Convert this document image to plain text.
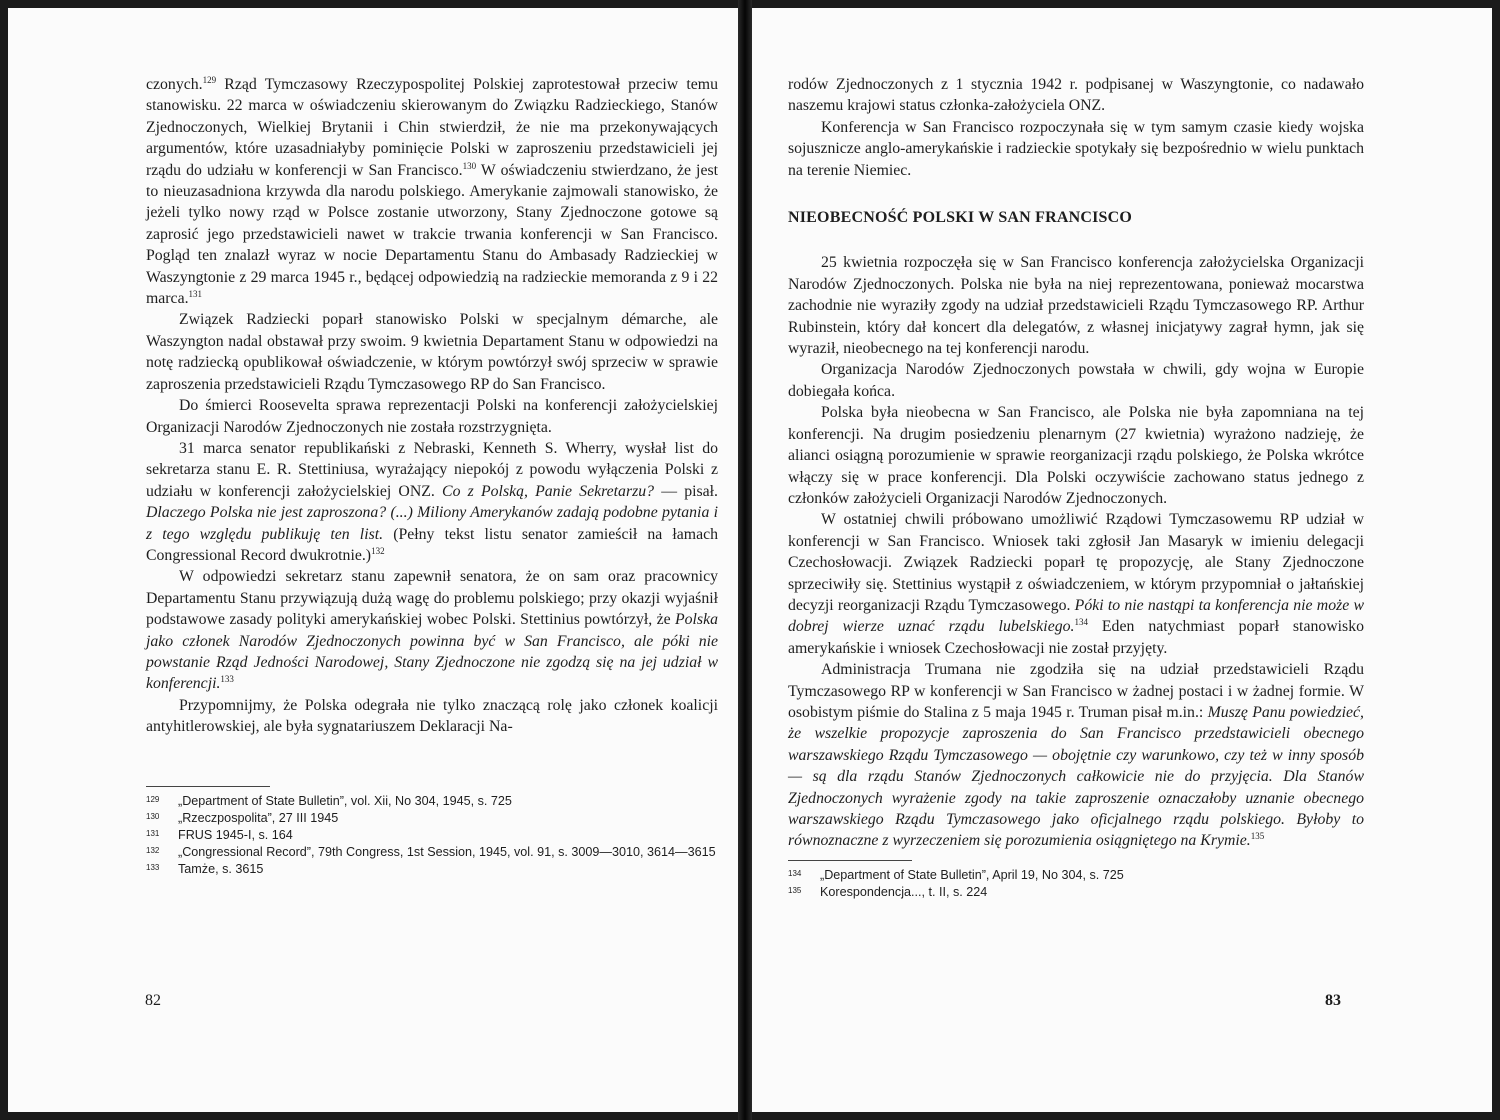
czonych.$^{129}$ Rząd Tymczasowy Rzeczypospolitej Polskiej zaprotestował przeciw temu stanowisku. 22 marca w oświadczeniu skierowanym do Związku Radzieckiego, Stanów Zjednoczonych, Wielkiej Brytanii i Chin stwierdził, że nie ma przekonywających argumentów, które uzasadniałyby pominięcie Polski w zaproszeniu przedstawicieli jej rządu do udziału w konferencji w San Francisco.$^{130}$ W oświadczeniu stwierdzano, że jest to nieuzasadniona krzywda dla narodu polskiego. Amerykanie zajmowali stanowisko, że jeżeli tylko nowy rząd w Polsce zostanie utworzony, Stany Zjednoczone gotowe są zaprosić jego przedstawicieli nawet w trakcie trwania konferencji w San Francisco. Pogląd ten znalazł wyraz w nocie Departamentu Stanu do Ambasady Radzieckiej w Waszyngtonie z 29 marca 1945 r., będącej odpowiedzią na radzieckie memoranda z 9 i 22 marca.$^{131}$

Związek Radziecki poparł stanowisko Polski w specjalnym démarche, ale Waszyngton nadal obstawał przy swoim. 9 kwietnia Departament Stanu w odpowiedzi na notę radziecką opublikował oświadczenie, w którym powtórzył swój sprzeciw w sprawie zaproszenia przedstawicieli Rządu Tymczasowego RP do San Francisco.

Do śmierci Roosevelta sprawa reprezentacji Polski na konferencji założycielskiej Organizacji Narodów Zjednoczonych nie została rozstrzygnięta.

31 marca senator republikański z Nebraski, Kenneth S. Wherry, wysłał list do sekretarza stanu E. R. Stettiniusa, wyrażający niepokój z powodu wyłączenia Polski z udziału w konferencji założycielskiej ONZ. Co z Polską, Panie Sekretarzu? — pisał. Dlaczego Polska nie jest zaproszona? (...) Miliony Amerykanów zadają podobne pytania i z tego względu publikuję ten list. (Pełny tekst listu senator zamieścił na łamach Congressional Record dwukrotnie.)$^{132}$

W odpowiedzi sekretarz stanu zapewnił senatora, że on sam oraz pracownicy Departamentu Stanu przywiązują dużą wagę do problemu polskiego; przy okazji wyjaśnił podstawowe zasady polityki amerykańskiej wobec Polski. Stettinius powtórzył, że Polska jako członek Narodów Zjednoczonych powinna być w San Francisco, ale póki nie powstanie Rząd Jedności Narodowej, Stany Zjednoczone nie zgodzą się na jej udział w konferencji.$^{133}$

Przypomnijmy, że Polska odegrała nie tylko znaczącą rolę jako członek koalicji antyhitlerowskiej, ale była sygnatariuszem Deklaracji Na-

129	„Department of State Bulletin”, vol. Xii, No 304, 1945, s. 725
130	„Rzeczpospolita”, 27 III 1945
131	FRUS 1945-I, s. 164
132	„Congressional Record”, 79th Congress, 1st Session, 1945, vol. 91, s. 3009—3010, 3614—3615
133	Tamże, s. 3615
82

rodów Zjednoczonych z 1 stycznia 1942 r. podpisanej w Waszyngtonie, co nadawało naszemu krajowi status członka-założyciela ONZ.

Konferencja w San Francisco rozpoczynała się w tym samym czasie kiedy wojska sojusznicze anglo-amerykańskie i radzieckie spotykały się bezpośrednio w wielu punktach na terenie Niemiec.

NIEOBECNOŚĆ POLSKI W SAN FRANCISCO

25 kwietnia rozpoczęła się w San Francisco konferencja założycielska Organizacji Narodów Zjednoczonych. Polska nie była na niej reprezentowana, ponieważ mocarstwa zachodnie nie wyraziły zgody na udział przedstawicieli Rządu Tymczasowego RP. Arthur Rubinstein, który dał koncert dla delegatów, z własnej inicjatywy zagrał hymn, jak się wyraził, nieobecnego na tej konferencji narodu.

Organizacja Narodów Zjednoczonych powstała w chwili, gdy wojna w Europie dobiegała końca.

Polska była nieobecna w San Francisco, ale Polska nie była zapomniana na tej konferencji. Na drugim posiedzeniu plenarnym (27 kwietnia) wyrażono nadzieję, że alianci osiągną porozumienie w sprawie reorganizacji rządu polskiego, że Polska wkrótce włączy się w prace konferencji. Dla Polski oczywiście zachowano status jednego z członków założycieli Organizacji Narodów Zjednoczonych.

W ostatniej chwili próbowano umożliwić Rządowi Tymczasowemu RP udział w konferencji w San Francisco. Wniosek taki zgłosił Jan Masaryk w imieniu delegacji Czechosłowacji. Związek Radziecki poparł tę propozycję, ale Stany Zjednoczone sprzeciwiły się. Stettinius wystąpił z oświadczeniem, w którym przypomniał o jałtańskiej decyzji reorganizacji Rządu Tymczasowego. Póki to nie nastąpi ta konferencja nie może w dobrej wierze uznać rządu lubelskiego.$^{134}$ Eden natychmiast poparł stanowisko amerykańskie i wniosek Czechosłowacji nie został przyjęty.

Administracja Trumana nie zgodziła się na udział przedstawicieli Rządu Tymczasowego RP w konferencji w San Francisco w żadnej postaci i w żadnej formie. W osobistym piśmie do Stalina z 5 maja 1945 r. Truman pisał m.in.: Muszę Panu powiedzieć, że wszelkie propozycje zaproszenia do San Francisco przedstawicieli obecnego warszawskiego Rządu Tymczasowego — obojętnie czy warunkowo, czy też w inny sposób — są dla rządu Stanów Zjednoczonych całkowicie nie do przyjęcia. Dla Stanów Zjednoczonych wyrażenie zgody na takie zaproszenie oznaczałoby uznanie obecnego warszawskiego Rządu Tymczasowego jako oficjalnego rządu polskiego. Byłoby to równoznaczne z wyrzeczeniem się porozumienia osiągniętego na Krymie.$^{135}$

134	„Department of State Bulletin”, April 19, No 304, s. 725
135	Korespondencja..., t. II, s. 224
83
